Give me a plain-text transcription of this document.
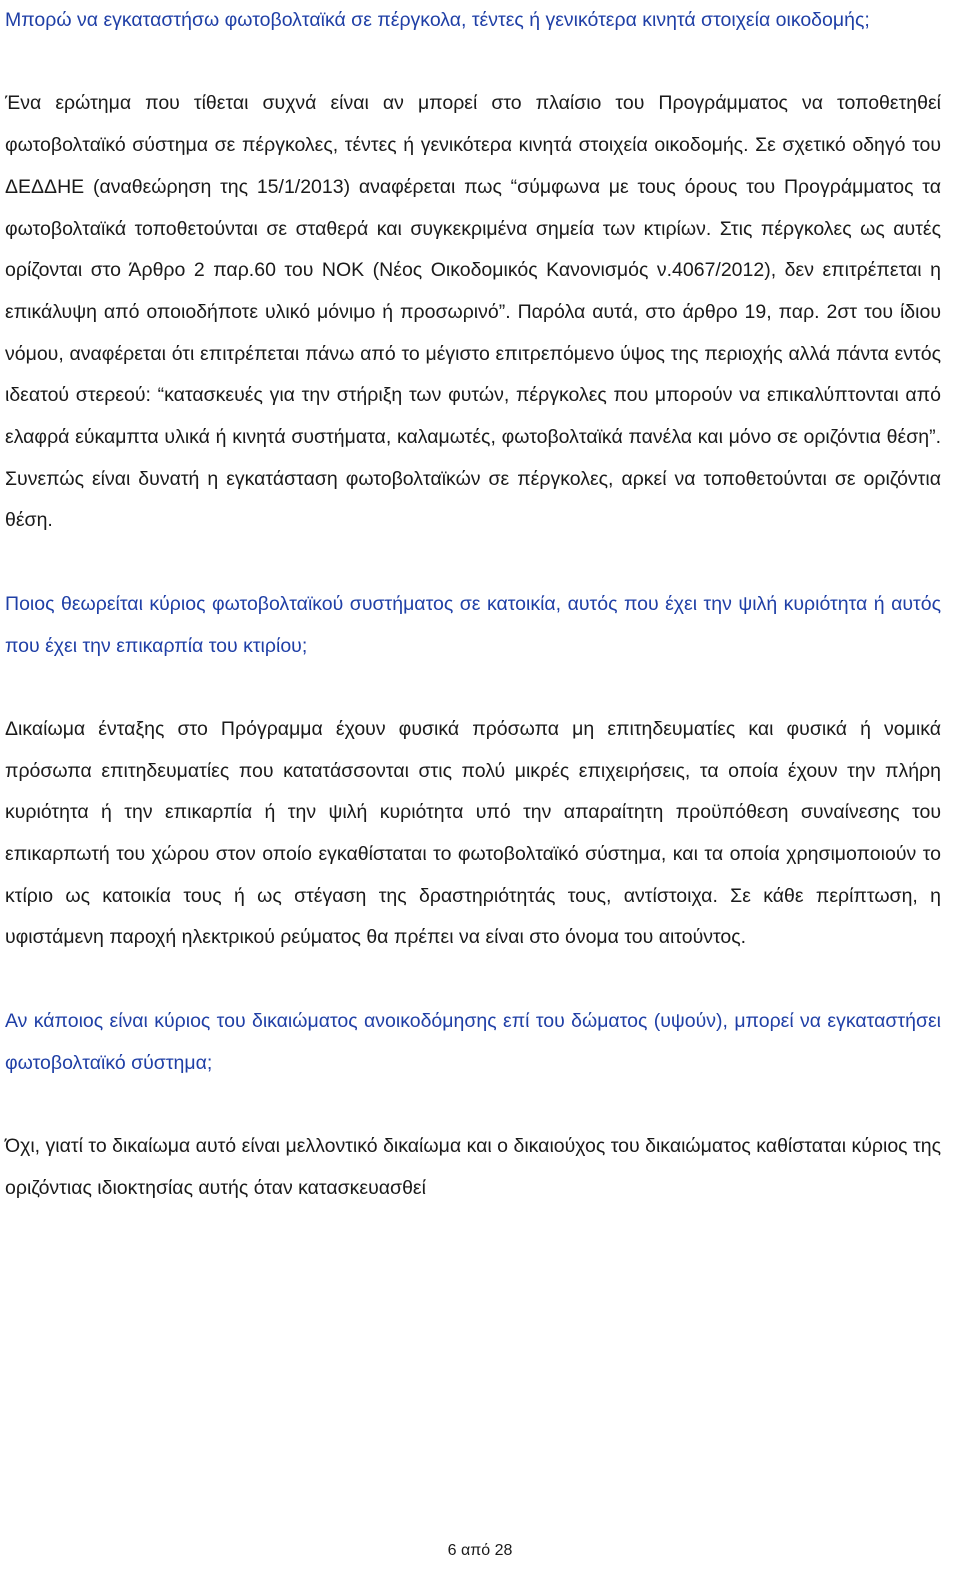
Μπορώ να εγκαταστήσω φωτοβολταϊκά σε πέργκολα, τέντες ή γενικότερα κινητά στοιχεία οικοδομής;

Ένα ερώτημα που τίθεται συχνά είναι αν μπορεί στο πλαίσιο του Προγράμματος να τοποθετηθεί φωτοβολταϊκό σύστημα σε πέργκολες, τέντες ή γενικότερα κινητά στοιχεία οικοδομής. Σε σχετικό οδηγό του ΔΕΔΔΗΕ (αναθεώρηση της 15/1/2013) αναφέρεται πως “σύμφωνα με τους όρους του Προγράμματος τα φωτοβολταϊκά τοποθετούνται σε σταθερά και συγκεκριμένα σημεία των κτιρίων. Στις πέργκολες ως αυτές ορίζονται στο Άρθρο 2 παρ.60 του ΝΟΚ (Νέος Οικοδομικός Κανονισμός ν.4067/2012), δεν επιτρέπεται η επικάλυψη από οποιοδήποτε υλικό μόνιμο ή προσωρινό”. Παρόλα αυτά, στο άρθρο 19, παρ. 2στ του ίδιου νόμου, αναφέρεται ότι επιτρέπεται πάνω από το μέγιστο επιτρεπόμενο ύψος της περιοχής αλλά πάντα εντός ιδεατού στερεού: “κατασκευές για την στήριξη των φυτών, πέργκολες που μπορούν να επικαλύπτονται από ελαφρά εύκαμπτα υλικά ή κινητά συστήματα, καλαμωτές, φωτοβολταϊκά πανέλα και μόνο σε οριζόντια θέση”. Συνεπώς είναι δυνατή η εγκατάσταση φωτοβολταϊκών σε πέργκολες, αρκεί να τοποθετούνται σε οριζόντια θέση.

Ποιος θεωρείται κύριος φωτοβολταϊκού συστήματος σε κατοικία, αυτός που έχει την ψιλή κυριότητα ή αυτός που έχει την επικαρπία του κτιρίου;

Δικαίωμα ένταξης στο Πρόγραμμα έχουν φυσικά πρόσωπα μη επιτηδευματίες και φυσικά ή νομικά πρόσωπα επιτηδευματίες που κατατάσσονται στις πολύ μικρές επιχειρήσεις, τα οποία έχουν την πλήρη κυριότητα ή την επικαρπία ή την ψιλή κυριότητα υπό την απαραίτητη προϋπόθεση συναίνεσης του επικαρπωτή του χώρου στον οποίο εγκαθίσταται το φωτοβολταϊκό σύστημα, και τα οποία χρησιμοποιούν το κτίριο ως κατοικία τους ή ως στέγαση της δραστηριότητάς τους, αντίστοιχα. Σε κάθε περίπτωση, η υφιστάμενη παροχή ηλεκτρικού ρεύματος θα πρέπει να είναι στο όνομα του αιτούντος.

Αν κάποιος είναι κύριος του δικαιώματος ανοικοδόμησης επί του δώματος (υψούν), μπορεί να εγκαταστήσει φωτοβολταϊκό σύστημα;

Όχι, γιατί το δικαίωμα αυτό είναι μελλοντικό δικαίωμα και ο δικαιούχος του δικαιώματος καθίσταται κύριος της οριζόντιας ιδιοκτησίας αυτής όταν κατασκευασθεί

6 από 28
